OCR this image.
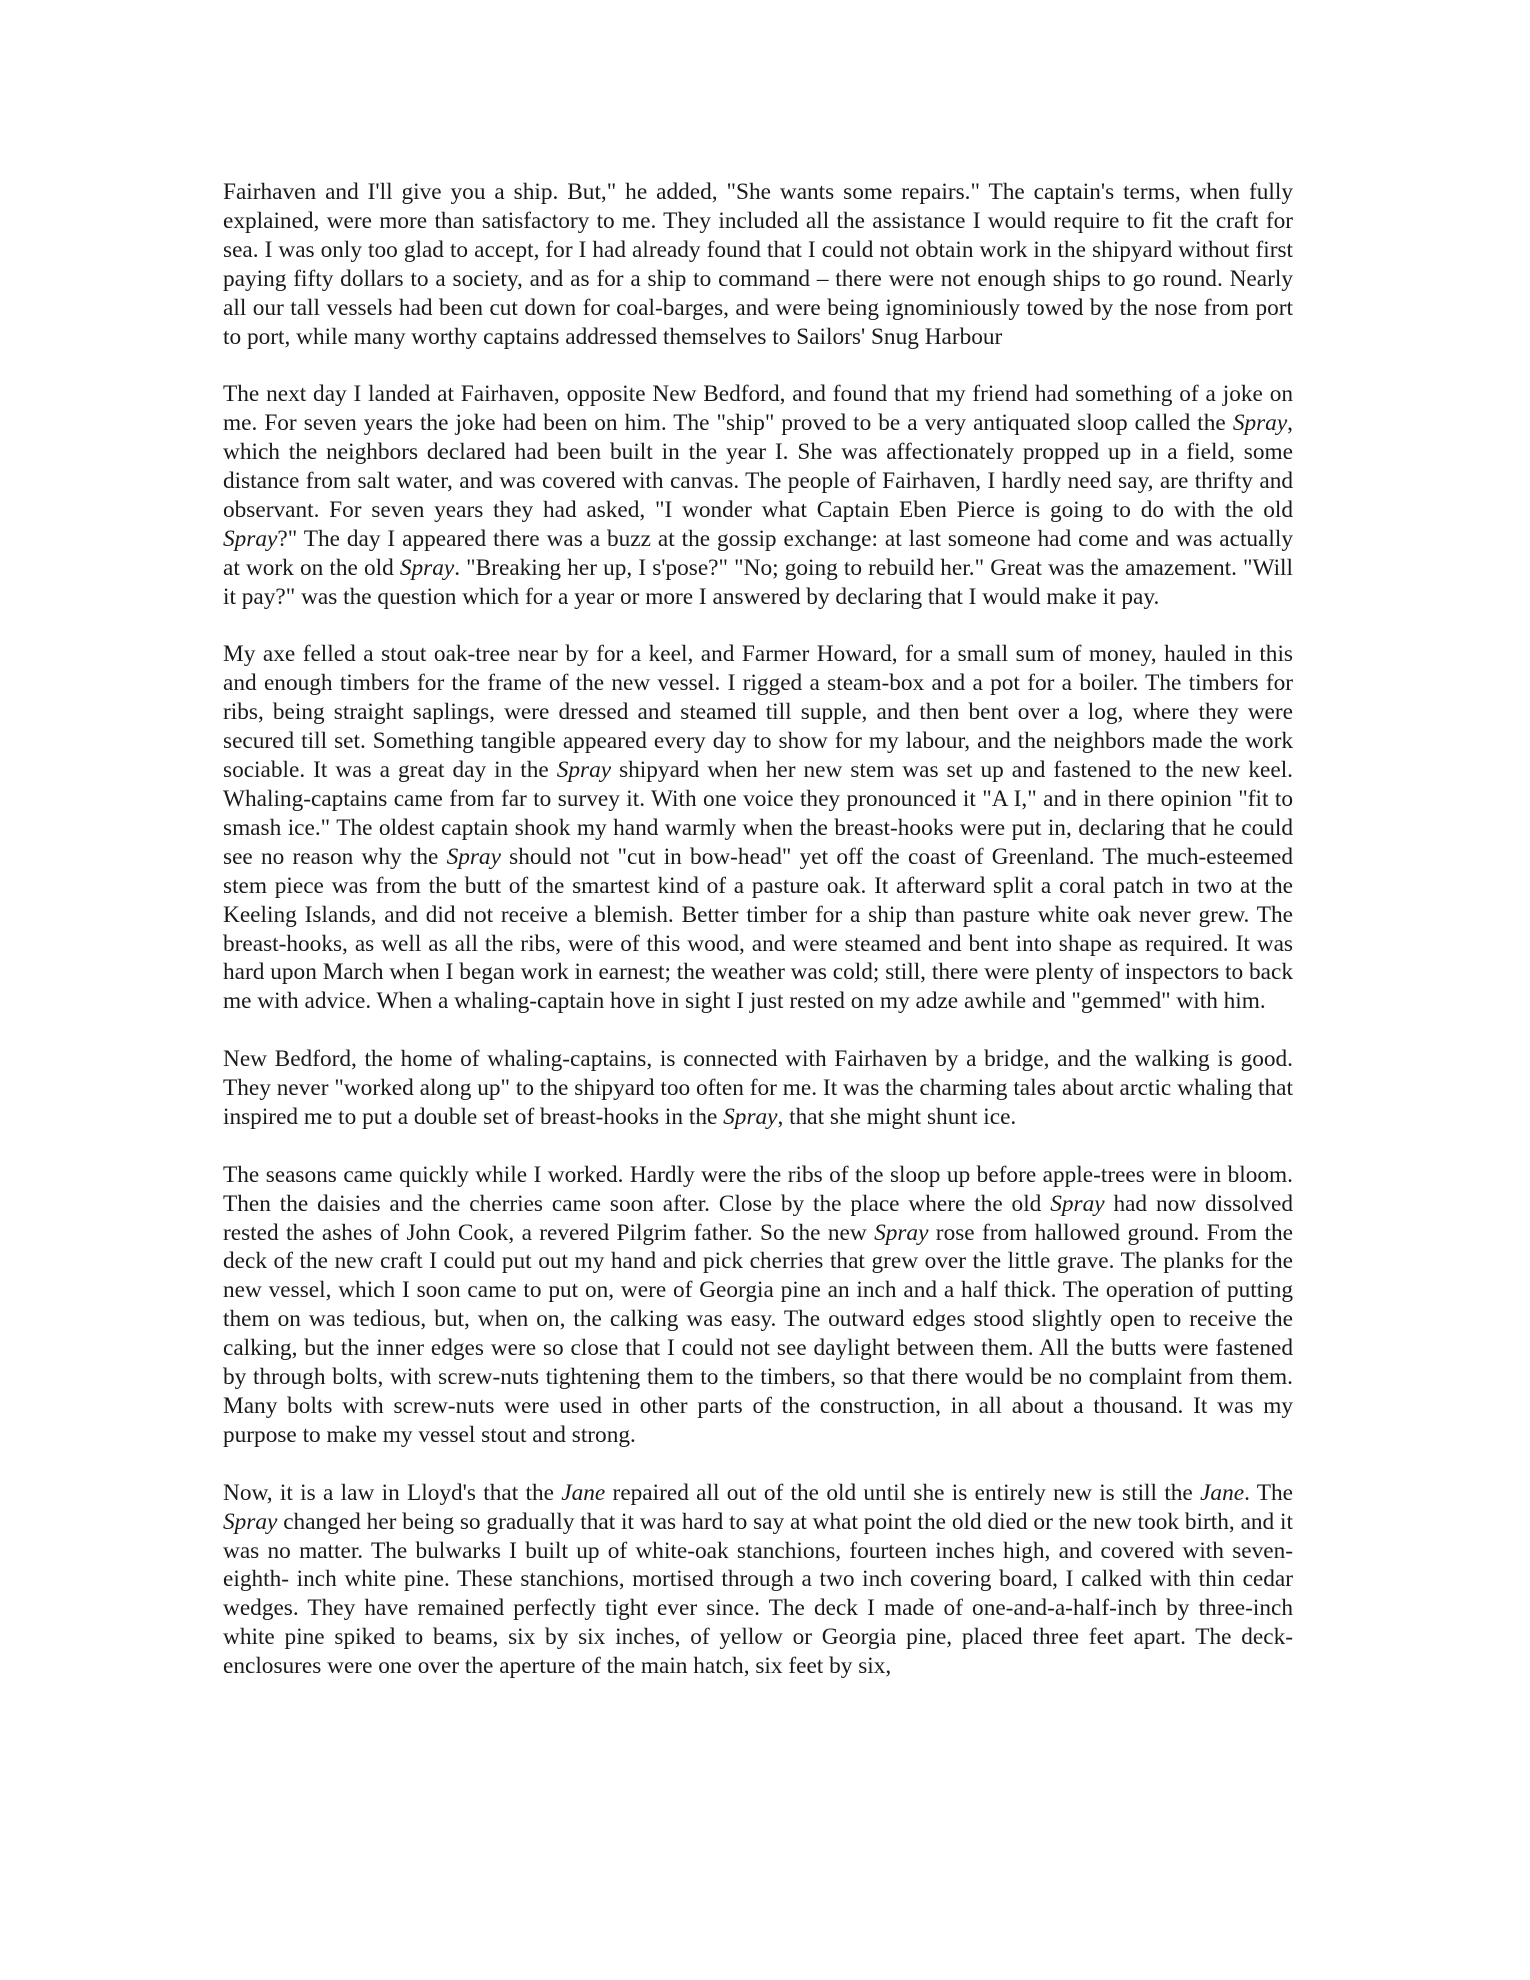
Fairhaven and I'll give you a ship. But," he added, "She wants some repairs." The captain's terms, when fully explained, were more than satisfactory to me. They included all the assistance I would require to fit the craft for sea. I was only too glad to accept, for I had already found that I could not obtain work in the shipyard without first paying fifty dollars to a society, and as for a ship to command – there were not enough ships to go round. Nearly all our tall vessels had been cut down for coal-barges, and were being ignominiously towed by the nose from port to port, while many worthy captains addressed themselves to Sailors' Snug Harbour

The next day I landed at Fairhaven, opposite New Bedford, and found that my friend had something of a joke on me. For seven years the joke had been on him. The "ship" proved to be a very antiquated sloop called the Spray, which the neighbors declared had been built in the year I. She was affectionately propped up in a field, some distance from salt water, and was covered with canvas. The people of Fairhaven, I hardly need say, are thrifty and observant. For seven years they had asked, "I wonder what Captain Eben Pierce is going to do with the old Spray?" The day I appeared there was a buzz at the gossip exchange: at last someone had come and was actually at work on the old Spray. "Breaking her up, I s'pose?" "No; going to rebuild her." Great was the amazement. "Will it pay?" was the question which for a year or more I answered by declaring that I would make it pay.

My axe felled a stout oak-tree near by for a keel, and Farmer Howard, for a small sum of money, hauled in this and enough timbers for the frame of the new vessel. I rigged a steam-box and a pot for a boiler. The timbers for ribs, being straight saplings, were dressed and steamed till supple, and then bent over a log, where they were secured till set. Something tangible appeared every day to show for my labour, and the neighbors made the work sociable. It was a great day in the Spray shipyard when her new stem was set up and fastened to the new keel. Whaling-captains came from far to survey it. With one voice they pronounced it "A I," and in there opinion "fit to smash ice." The oldest captain shook my hand warmly when the breast-hooks were put in, declaring that he could see no reason why the Spray should not "cut in bow-head" yet off the coast of Greenland. The much-esteemed stem piece was from the butt of the smartest kind of a pasture oak. It afterward split a coral patch in two at the Keeling Islands, and did not receive a blemish. Better timber for a ship than pasture white oak never grew. The breast-hooks, as well as all the ribs, were of this wood, and were steamed and bent into shape as required. It was hard upon March when I began work in earnest; the weather was cold; still, there were plenty of inspectors to back me with advice. When a whaling-captain hove in sight I just rested on my adze awhile and "gemmed" with him.

New Bedford, the home of whaling-captains, is connected with Fairhaven by a bridge, and the walking is good. They never "worked along up" to the shipyard too often for me. It was the charming tales about arctic whaling that inspired me to put a double set of breast-hooks in the Spray, that she might shunt ice.

The seasons came quickly while I worked. Hardly were the ribs of the sloop up before apple-trees were in bloom. Then the daisies and the cherries came soon after. Close by the place where the old Spray had now dissolved rested the ashes of John Cook, a revered Pilgrim father. So the new Spray rose from hallowed ground. From the deck of the new craft I could put out my hand and pick cherries that grew over the little grave. The planks for the new vessel, which I soon came to put on, were of Georgia pine an inch and a half thick. The operation of putting them on was tedious, but, when on, the calking was easy. The outward edges stood slightly open to receive the calking, but the inner edges were so close that I could not see daylight between them. All the butts were fastened by through bolts, with screw-nuts tightening them to the timbers, so that there would be no complaint from them. Many bolts with screw-nuts were used in other parts of the construction, in all about a thousand. It was my purpose to make my vessel stout and strong.

Now, it is a law in Lloyd's that the Jane repaired all out of the old until she is entirely new is still the Jane. The Spray changed her being so gradually that it was hard to say at what point the old died or the new took birth, and it was no matter. The bulwarks I built up of white-oak stanchions, fourteen inches high, and covered with seven-eighth- inch white pine. These stanchions, mortised through a two inch covering board, I calked with thin cedar wedges. They have remained perfectly tight ever since. The deck I made of one-and-a-half-inch by three-inch white pine spiked to beams, six by six inches, of yellow or Georgia pine, placed three feet apart. The deck-enclosures were one over the aperture of the main hatch, six feet by six,
